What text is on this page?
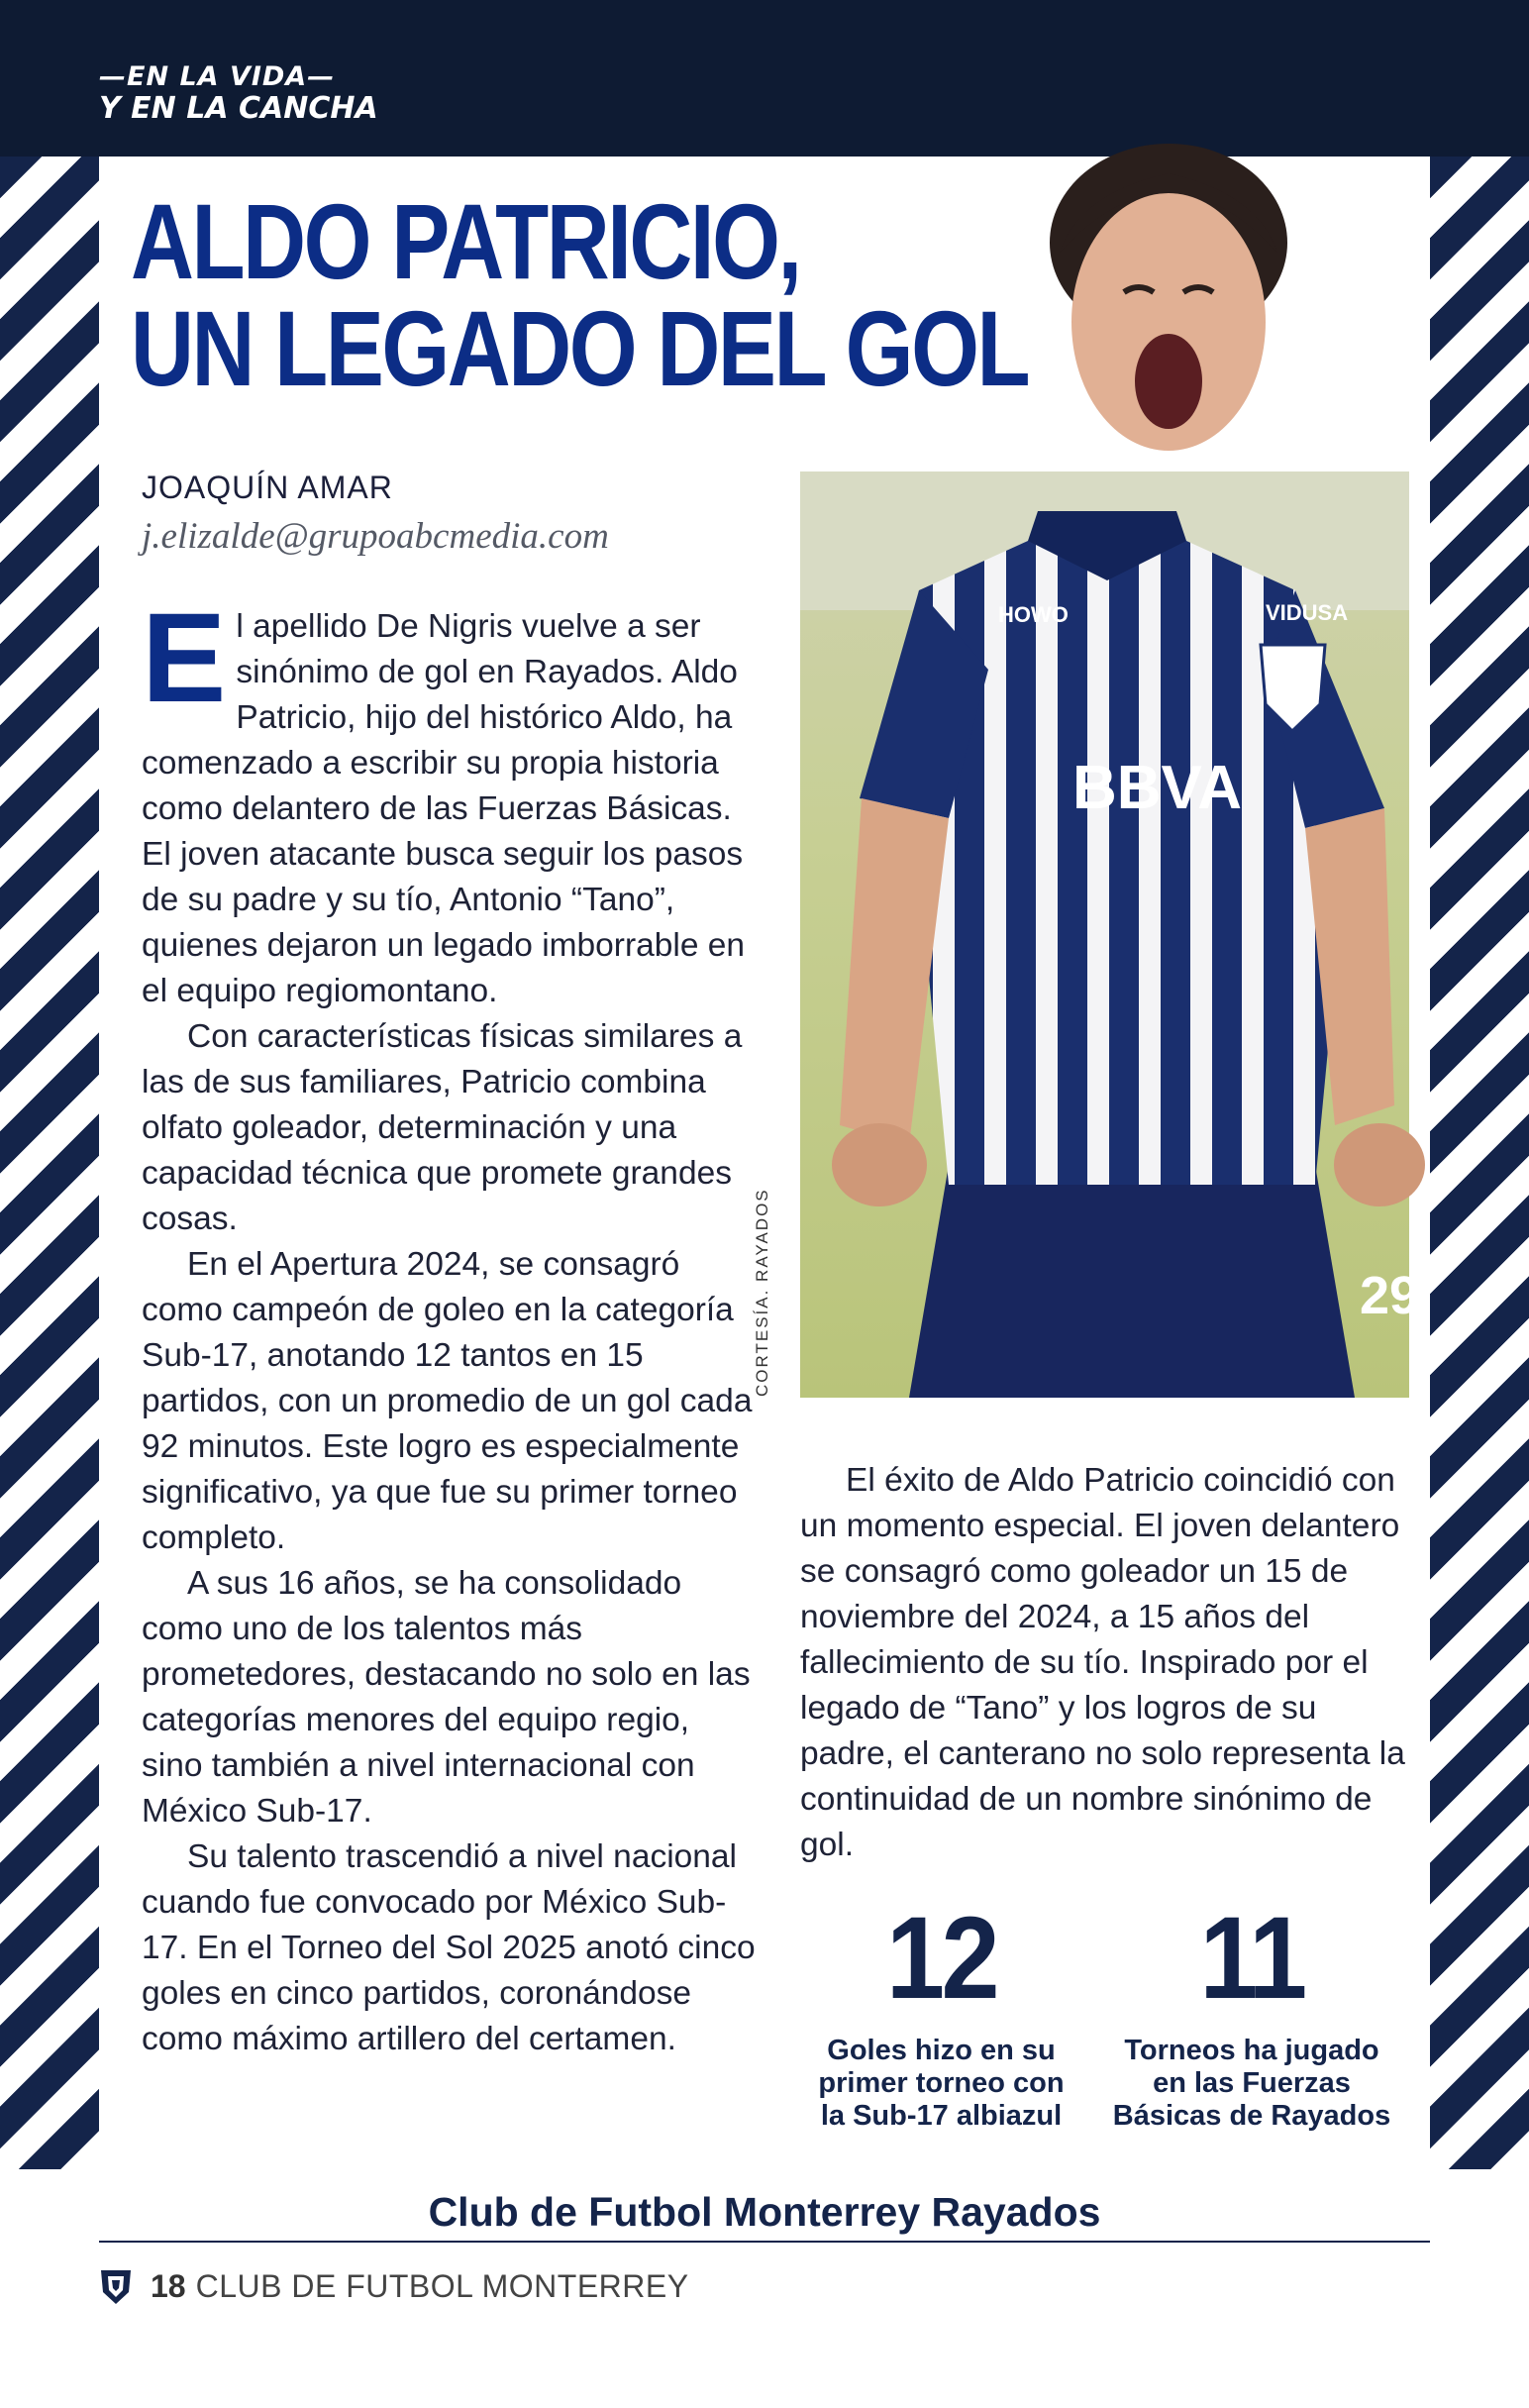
—EN LA VIDA—
Y EN LA CANCHA
ALDO PATRICIO,
UN LEGADO DEL GOL
JOAQUÍN AMAR
j.elizalde@grupoabcmedia.com
BBVA
HOWO	VIDUSA
29
CORTESÍA. RAYADOS

El apellido De Nigris vuelve a ser sinónimo de gol en Rayados. Aldo Patricio, hijo del histórico Aldo, ha comenzado a escribir su propia historia como delantero de las Fuerzas Básicas. El joven atacante busca seguir los pasos de su padre y su tío, Antonio “Tano”, quienes dejaron un legado imborrable en el equipo regiomontano.

Con características físicas similares a las de sus familiares, Patricio combina olfato goleador, determinación y una capacidad técnica que promete grandes cosas.

En el Apertura 2024, se consagró como campeón de goleo en la categoría Sub-17, anotando 12 tantos en 15 partidos, con un promedio de un gol cada 92 minutos. Este logro es especialmente significativo, ya que fue su primer torneo completo.

A sus 16 años, se ha consolidado como uno de los talentos más prometedores, destacando no solo en las categorías menores del equipo regio, sino también a nivel internacional con México Sub-17.

Su talento trascendió a nivel nacional cuando fue convocado por México Sub-17. En el Torneo del Sol 2025 anotó cinco goles en cinco partidos, coronándose como máximo artillero del certamen.

El éxito de Aldo Patricio coincidió con un momento especial. El joven delantero se consagró como goleador un 15 de noviembre del 2024, a 15 años del fallecimiento de su tío. Inspirado por el legado de “Tano” y los logros de su padre, el canterano no solo representa la continuidad de un nombre sinónimo de gol.

12
Goles hizo en su
primer torneo con
la Sub-17 albiazul
11
Torneos ha jugado
en las Fuerzas
Básicas de Rayados
Club de Futbol Monterrey Rayados
18 CLUB DE FUTBOL MONTERREY
